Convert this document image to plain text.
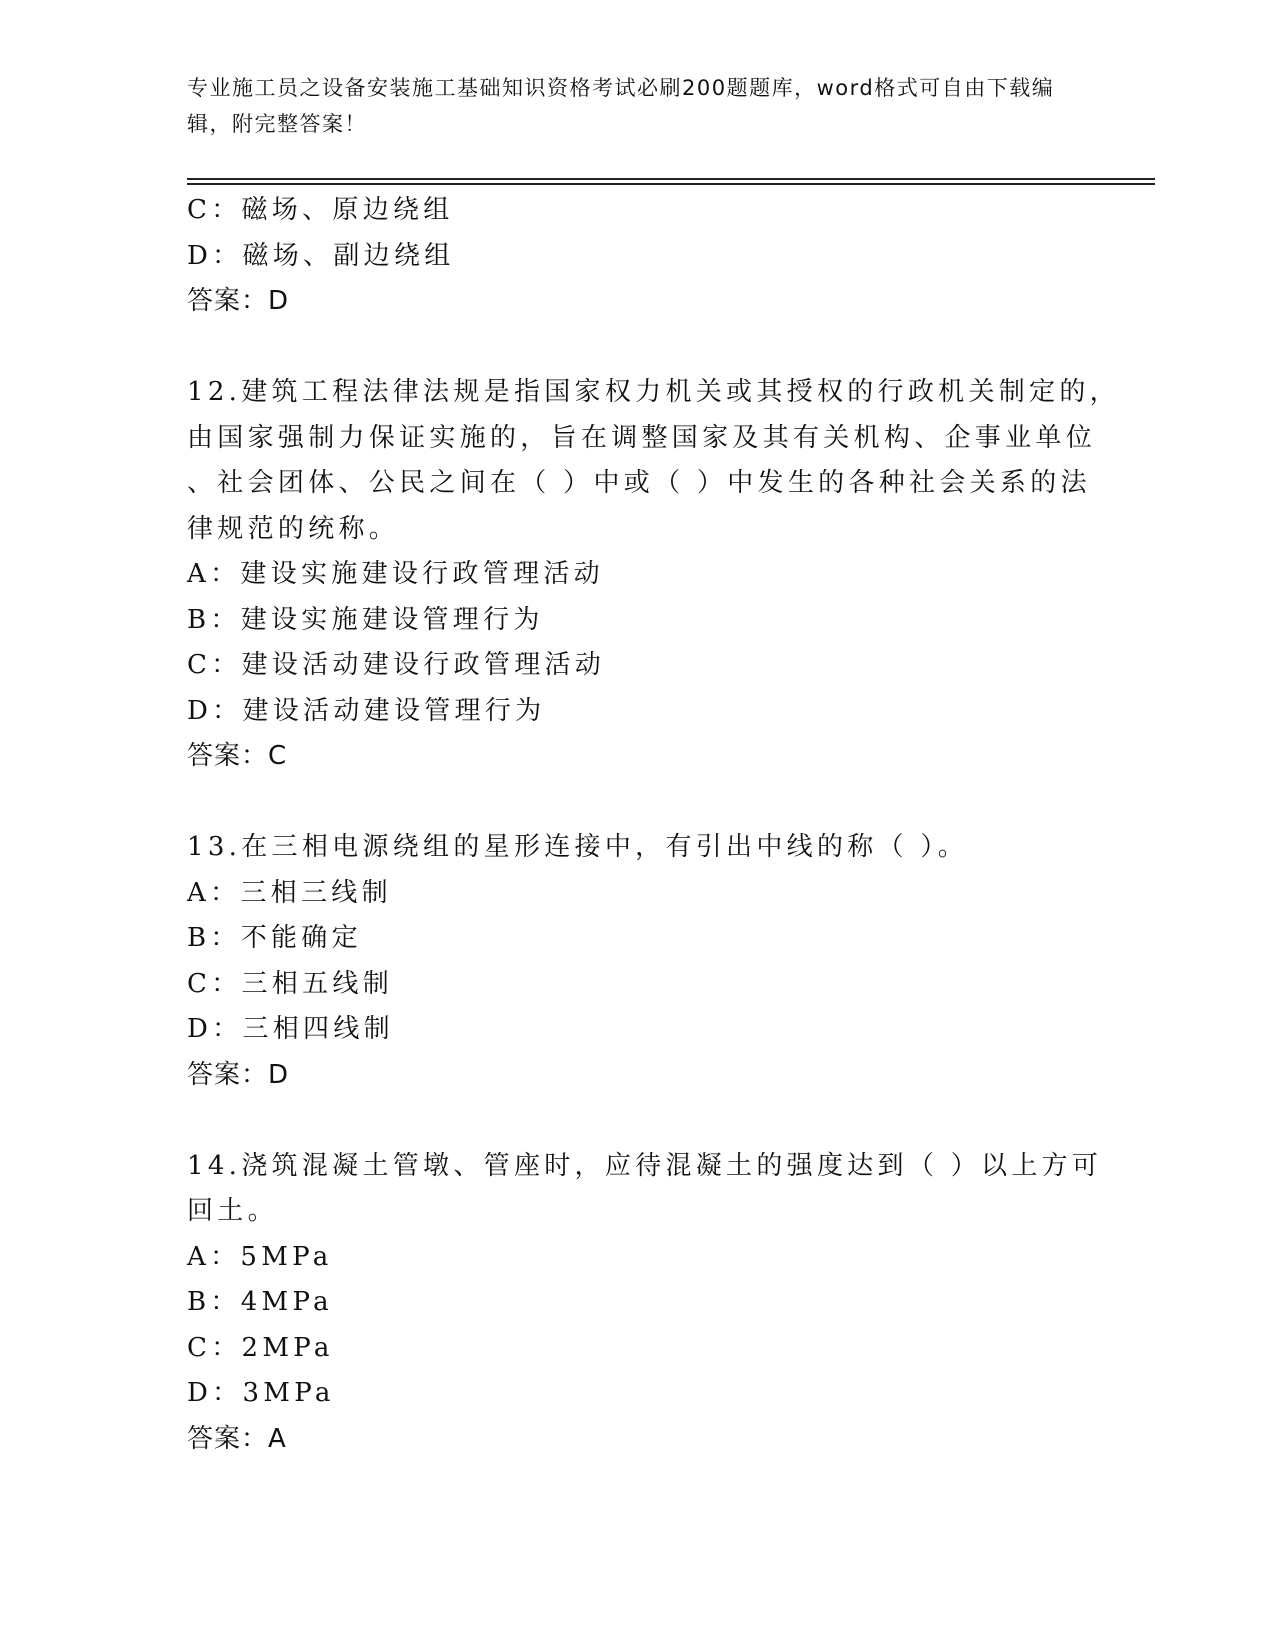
专业施工员之设备安装施工基础知识资格考试必刷200题题库，word格式可自由下载编辑，附完整答案！
C：磁场、原边绕组
D：磁场、副边绕组
答案：D
12.建筑工程法律法规是指国家权力机关或其授权的行政机关制定的，
由国家强制力保证实施的，旨在调整国家及其有关机构、企事业单位
、社会团体、公民之间在（ ）中或（ ）中发生的各种社会关系的法
律规范的统称。
A：建设实施建设行政管理活动
B：建设实施建设管理行为
C：建设活动建设行政管理活动
D：建设活动建设管理行为
答案：C
13.在三相电源绕组的星形连接中，有引出中线的称（ ）。
A：三相三线制
B：不能确定
C：三相五线制
D：三相四线制
答案：D
14.浇筑混凝土管墩、管座时，应待混凝土的强度达到（ ）以上方可
回土。
A：5MPa
B：4MPa
C：2MPa
D：3MPa
答案：A
